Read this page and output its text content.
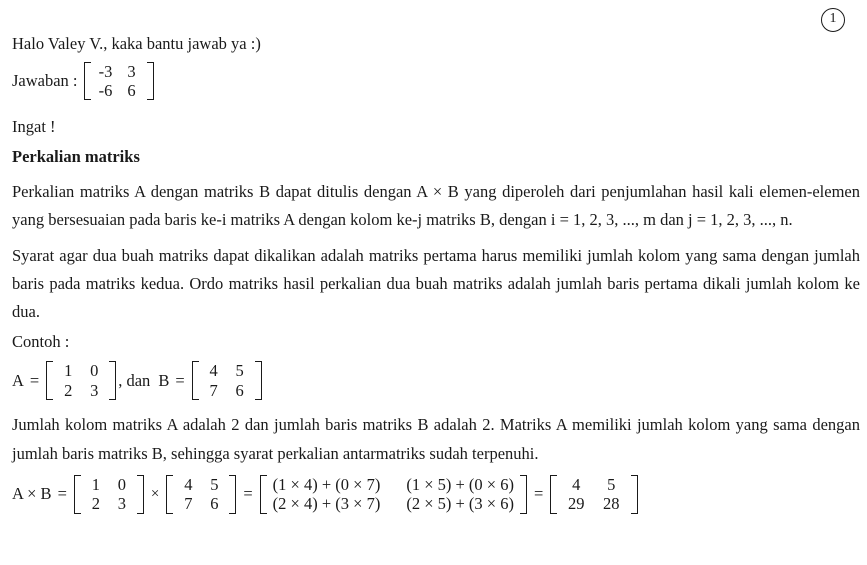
1

Halo Valey V., kaka bantu jawab ya :)

Jawaban :	-3 3
-6 6

Ingat !

Perkalian matriks

Perkalian matriks A dengan matriks B dapat ditulis dengan A × B yang diperoleh dari penjumlahan hasil kali elemen-elemen yang bersesuaian pada baris ke-i matriks A dengan kolom ke-j matriks B, dengan i = 1, 2, 3, ..., m dan j = 1, 2, 3, ..., n.

Syarat agar dua buah matriks dapat dikalikan adalah matriks pertama harus memiliki jumlah kolom yang sama dengan jumlah baris pada matriks kedua. Ordo matriks hasil perkalian dua buah matriks adalah jumlah baris pertama dikali jumlah kolom ke dua.

Contoh :

A =	1	0
2	3
, dan B =	4	5
7	6

Jumlah kolom matriks A adalah 2 dan jumlah baris matriks B adalah 2. Matriks A memiliki jumlah kolom yang sama dengan jumlah baris matriks B, sehingga syarat perkalian antarmatriks sudah terpenuhi.

A × B =	1	0
2	3
×	4	5
7	6
= (1 × 4) + (0 × 7) (1 × 5) + (0 × 6)
(2 × 4) + (3 × 7) (2 × 5) + (3 × 6)
=	4	5
29	28
